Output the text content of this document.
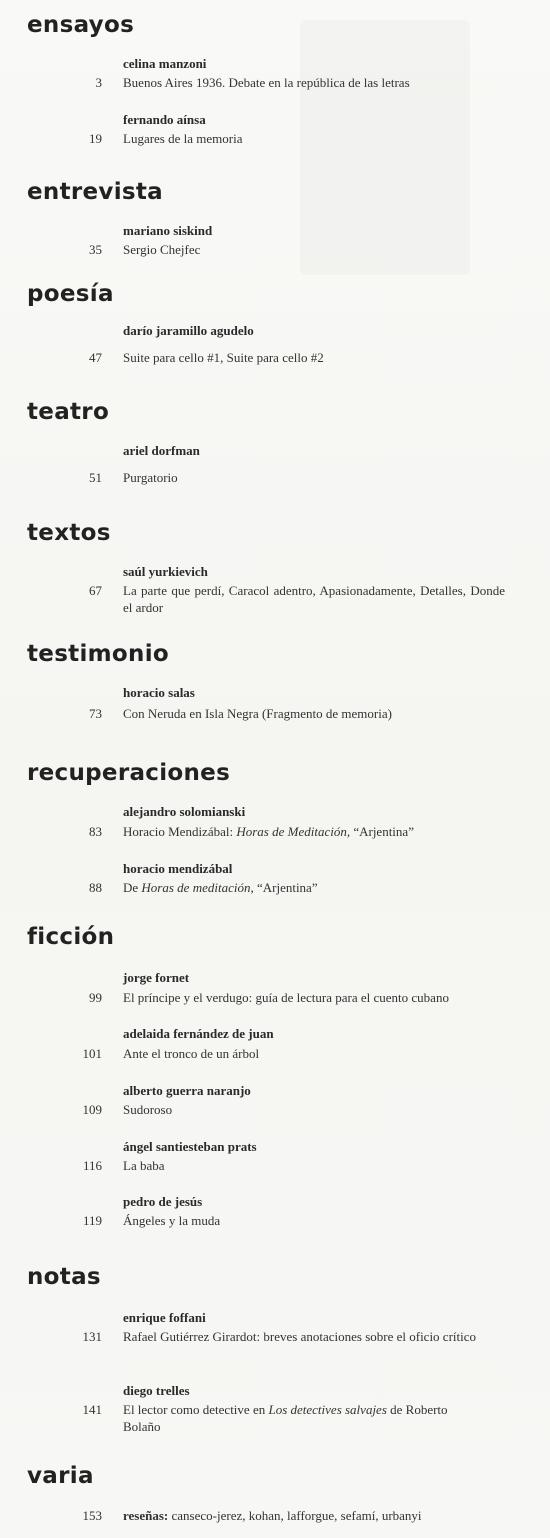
ensayos
celina manzoni
3 Buenos Aires 1936. Debate en la república de las letras
fernando aínsa
19 Lugares de la memoria
entrevista
mariano siskind
35 Sergio Chejfec
poesía
darío jaramillo agudelo
47 Suite para cello #1, Suite para cello #2
teatro
ariel dorfman
51 Purgatorio
textos
saúl yurkievich
67 La parte que perdí, Caracol adentro, Apasionadamente, Detalles, Donde el ardor
testimonio
horacio salas
73 Con Neruda en Isla Negra (Fragmento de memoria)
recuperaciones
alejandro solomianski
83 Horacio Mendizábal: Horas de Meditación, “Arjentina”
horacio mendizábal
88 De Horas de meditación, “Arjentina”
ficción
jorge fornet
99 El príncipe y el verdugo: guía de lectura para el cuento cubano
adelaida fernández de juan
101 Ante el tronco de un árbol
alberto guerra naranjo
109 Sudoroso
ángel santiesteban prats
116 La baba
pedro de jesús
119 Ángeles y la muda
notas
enrique foffani
131 Rafael Gutiérrez Girardot: breves anotaciones sobre el oficio crítico
diego trelles
141 El lector como detective en Los detectives salvajes de Roberto Bolaño
varia
153 reseñas: canseco-jerez, kohan, lafforgue, sefamí, urbanyi
